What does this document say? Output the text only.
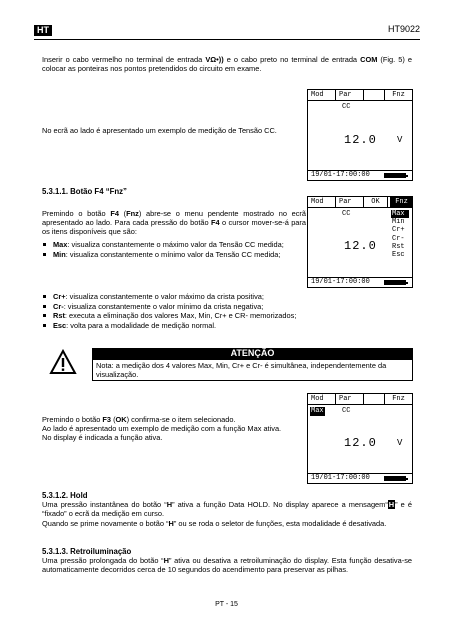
HT	HT9022
Inserir o cabo vermelho no terminal de entrada VΩ•)) e o cabo preto no terminal de entrada COM (Fig. 5) e colocar as ponteiras nos pontos pretendidos do circuito em exame.
No ecrã ao lado é apresentado um exemplo de medição de Tensão CC.
Mod	Par	Fnz
CC
12.0 V
19/01-17:00:00
5.3.1.1. Botão F4 “Fnz”
Premindo o botão F4 (Fnz) abre-se o menu pendente mostrado no ecrã apresentado ao lado. Para cada pressão do botão F4 o cursor mover-se-á para os itens disponíveis que são:
Max: visualiza constantemente o máximo valor da Tensão CC medida;
Min: visualiza constantemente o mínimo valor da Tensão CC medida;
Cr+: visualiza constantemente o valor máximo da crista positiva;
Cr-: visualiza constantemente o valor mínimo da crista negativa;
Rst: executa a eliminação dos valores Max, Min, Cr+ e CR- memorizados;
Esc: volta para a modalidade de medição normal.
Mod	Par	OK	Fnz
CC
12.0
Max
Min
Cr+
Cr-
Rst
Esc
19/01-17:00:00
ATENÇÃO
Nota: a medição dos 4 valores Max, Min, Cr+ e Cr- é simultânea, independentemente da visualização.
Premindo o botão F3 (OK) confirma-se o item selecionado.
Ao lado é apresentado um exemplo de medição com a função Max ativa.
No display é indicada a função ativa.
Mod	Par	Fnz
Max	CC
12.0 V
19/01-17:00:00
5.3.1.2. Hold
Uma pressão instantânea do botão “H” ativa a função Data HOLD. No display aparece a mensagem“H” e é “fixado” o ecrã da medição em curso.
Quando se prime novamente o botão “H” ou se roda o seletor de funções, esta modalidade é desativada.
5.3.1.3. Retroiluminação
Uma pressão prolongada do botão “H” ativa ou desativa a retroiluminação do display. Esta função desativa-se automaticamente decorridos cerca de 10 segundos do acendimento para preservar as pilhas.
PT - 15
